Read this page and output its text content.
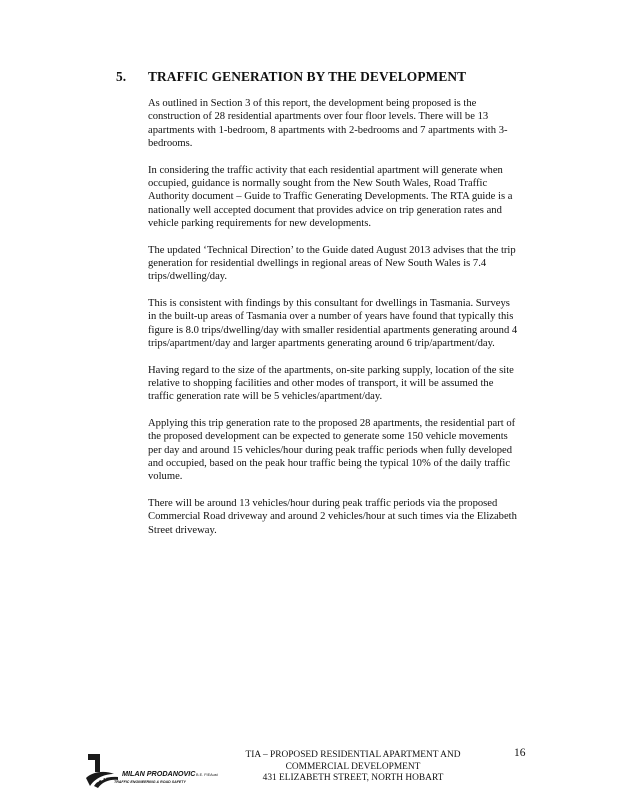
5. TRAFFIC GENERATION BY THE DEVELOPMENT

As outlined in Section 3 of this report, the development being proposed is the construction of 28 residential apartments over four floor levels. There will be 13 apartments with 1-bedroom, 8 apartments with 2-bedrooms and 7 apartments with 3- bedrooms.

In considering the traffic activity that each residential apartment will generate when occupied, guidance is normally sought from the New South Wales, Road Traffic Authority document – Guide to Traffic Generating Developments. The RTA guide is a nationally well accepted document that provides advice on trip generation rates and vehicle parking requirements for new developments.

The updated ‘Technical Direction’ to the Guide dated August 2013 advises that the trip generation for residential dwellings in regional areas of New South Wales is 7.4 trips/dwelling/day.

This is consistent with findings by this consultant for dwellings in Tasmania. Surveys in the built-up areas of Tasmania over a number of years have found that typically this figure is 8.0 trips/dwelling/day with smaller residential apartments generating around 4 trips/apartment/day and larger apartments generating around 6 trip/apartment/day.

Having regard to the size of the apartments, on-site parking supply, location of the site relative to shopping facilities and other modes of transport, it will be assumed the traffic generation rate will be 5 vehicles/apartment/day.

Applying this trip generation rate to the proposed 28 apartments, the residential part of the proposed development can be expected to generate some 150 vehicle movements per day and around 15 vehicles/hour during peak traffic periods when fully developed and occupied, based on the peak hour traffic being the typical 10% of the daily traffic volume.

There will be around 13 vehicles/hour during peak traffic periods via the proposed Commercial Road driveway and around 2 vehicles/hour at such times via the Elizabeth Street driveway.

MILAN PRODANOVIC B.E. FIEAust
TRAFFIC ENGINEERING & ROAD SAFETY
TIA – PROPOSED RESIDENTIAL APARTMENT AND
COMMERCIAL DEVELOPMENT
431 ELIZABETH STREET, NORTH HOBART
16
